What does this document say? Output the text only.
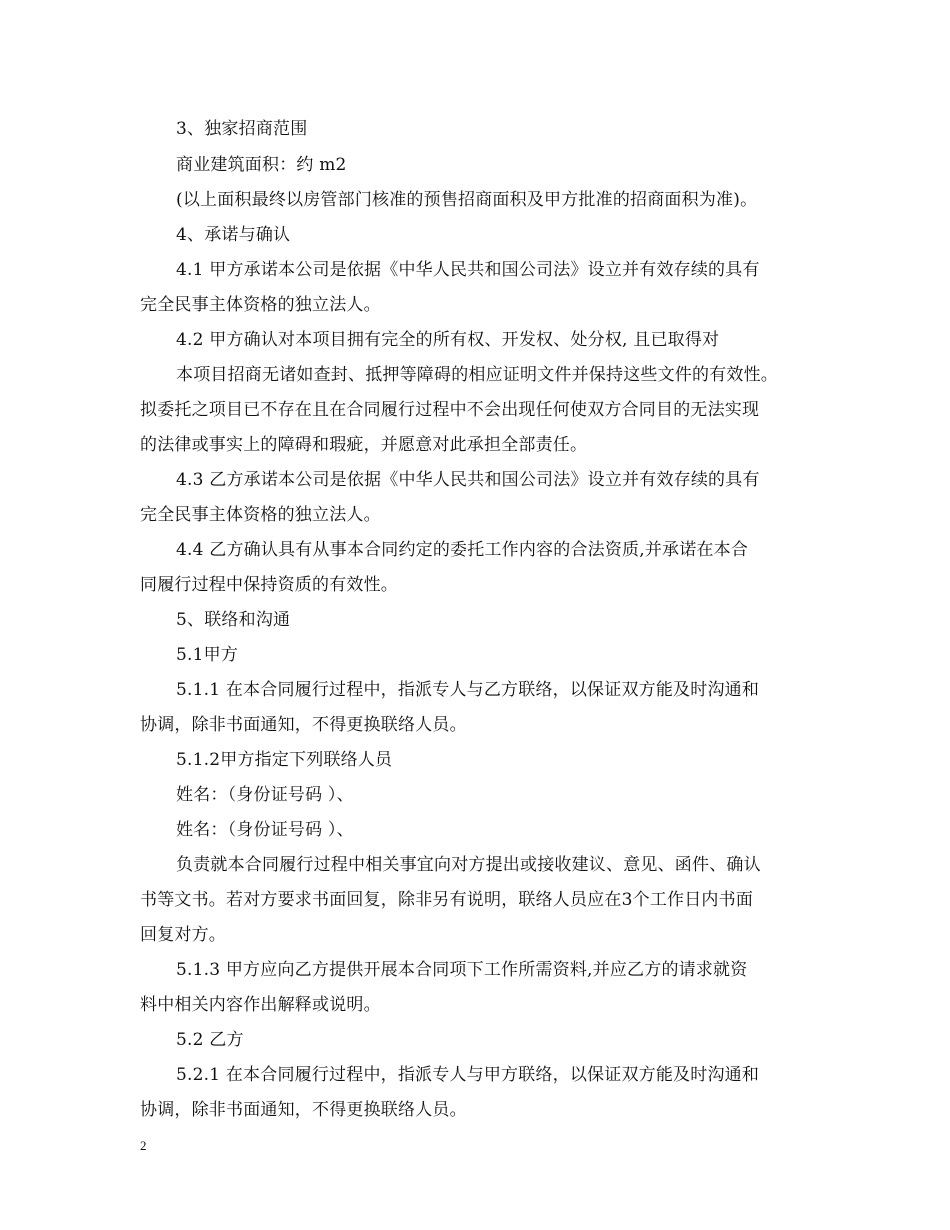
3、独家招商范围
商业建筑面积：约 m2
(以上面积最终以房管部门核准的预售招商面积及甲方批准的招商面积为准)。
4、承诺与确认
4.1 甲方承诺本公司是依据《中华人民共和国公司法》设立并有效存续的具有
完全民事主体资格的独立法人。
4.2 甲方确认对本项目拥有完全的所有权、开发权、处分权, 且已取得对
本项目招商无诸如查封、抵押等障碍的相应证明文件并保持这些文件的有效性。
拟委托之项目已不存在且在合同履行过程中不会出现任何使双方合同目的无法实现
的法律或事实上的障碍和瑕疵，并愿意对此承担全部责任。
4.3 乙方承诺本公司是依据《中华人民共和国公司法》设立并有效存续的具有
完全民事主体资格的独立法人。
4.4 乙方确认具有从事本合同约定的委托工作内容的合法资质,并承诺在本合
同履行过程中保持资质的有效性。
5、联络和沟通
5.1甲方
5.1.1 在本合同履行过程中，指派专人与乙方联络，以保证双方能及时沟通和
协调，除非书面通知，不得更换联络人员。
5.1.2甲方指定下列联络人员
姓名：（身份证号码 ）、
姓名：（身份证号码 ）、
负责就本合同履行过程中相关事宜向对方提出或接收建议、意见、函件、确认
书等文书。若对方要求书面回复，除非另有说明，联络人员应在3个工作日内书面
回复对方。
5.1.3 甲方应向乙方提供开展本合同项下工作所需资料,并应乙方的请求就资
料中相关内容作出解释或说明。
5.2 乙方
5.2.1 在本合同履行过程中，指派专人与甲方联络，以保证双方能及时沟通和
协调，除非书面通知，不得更换联络人员。
2
